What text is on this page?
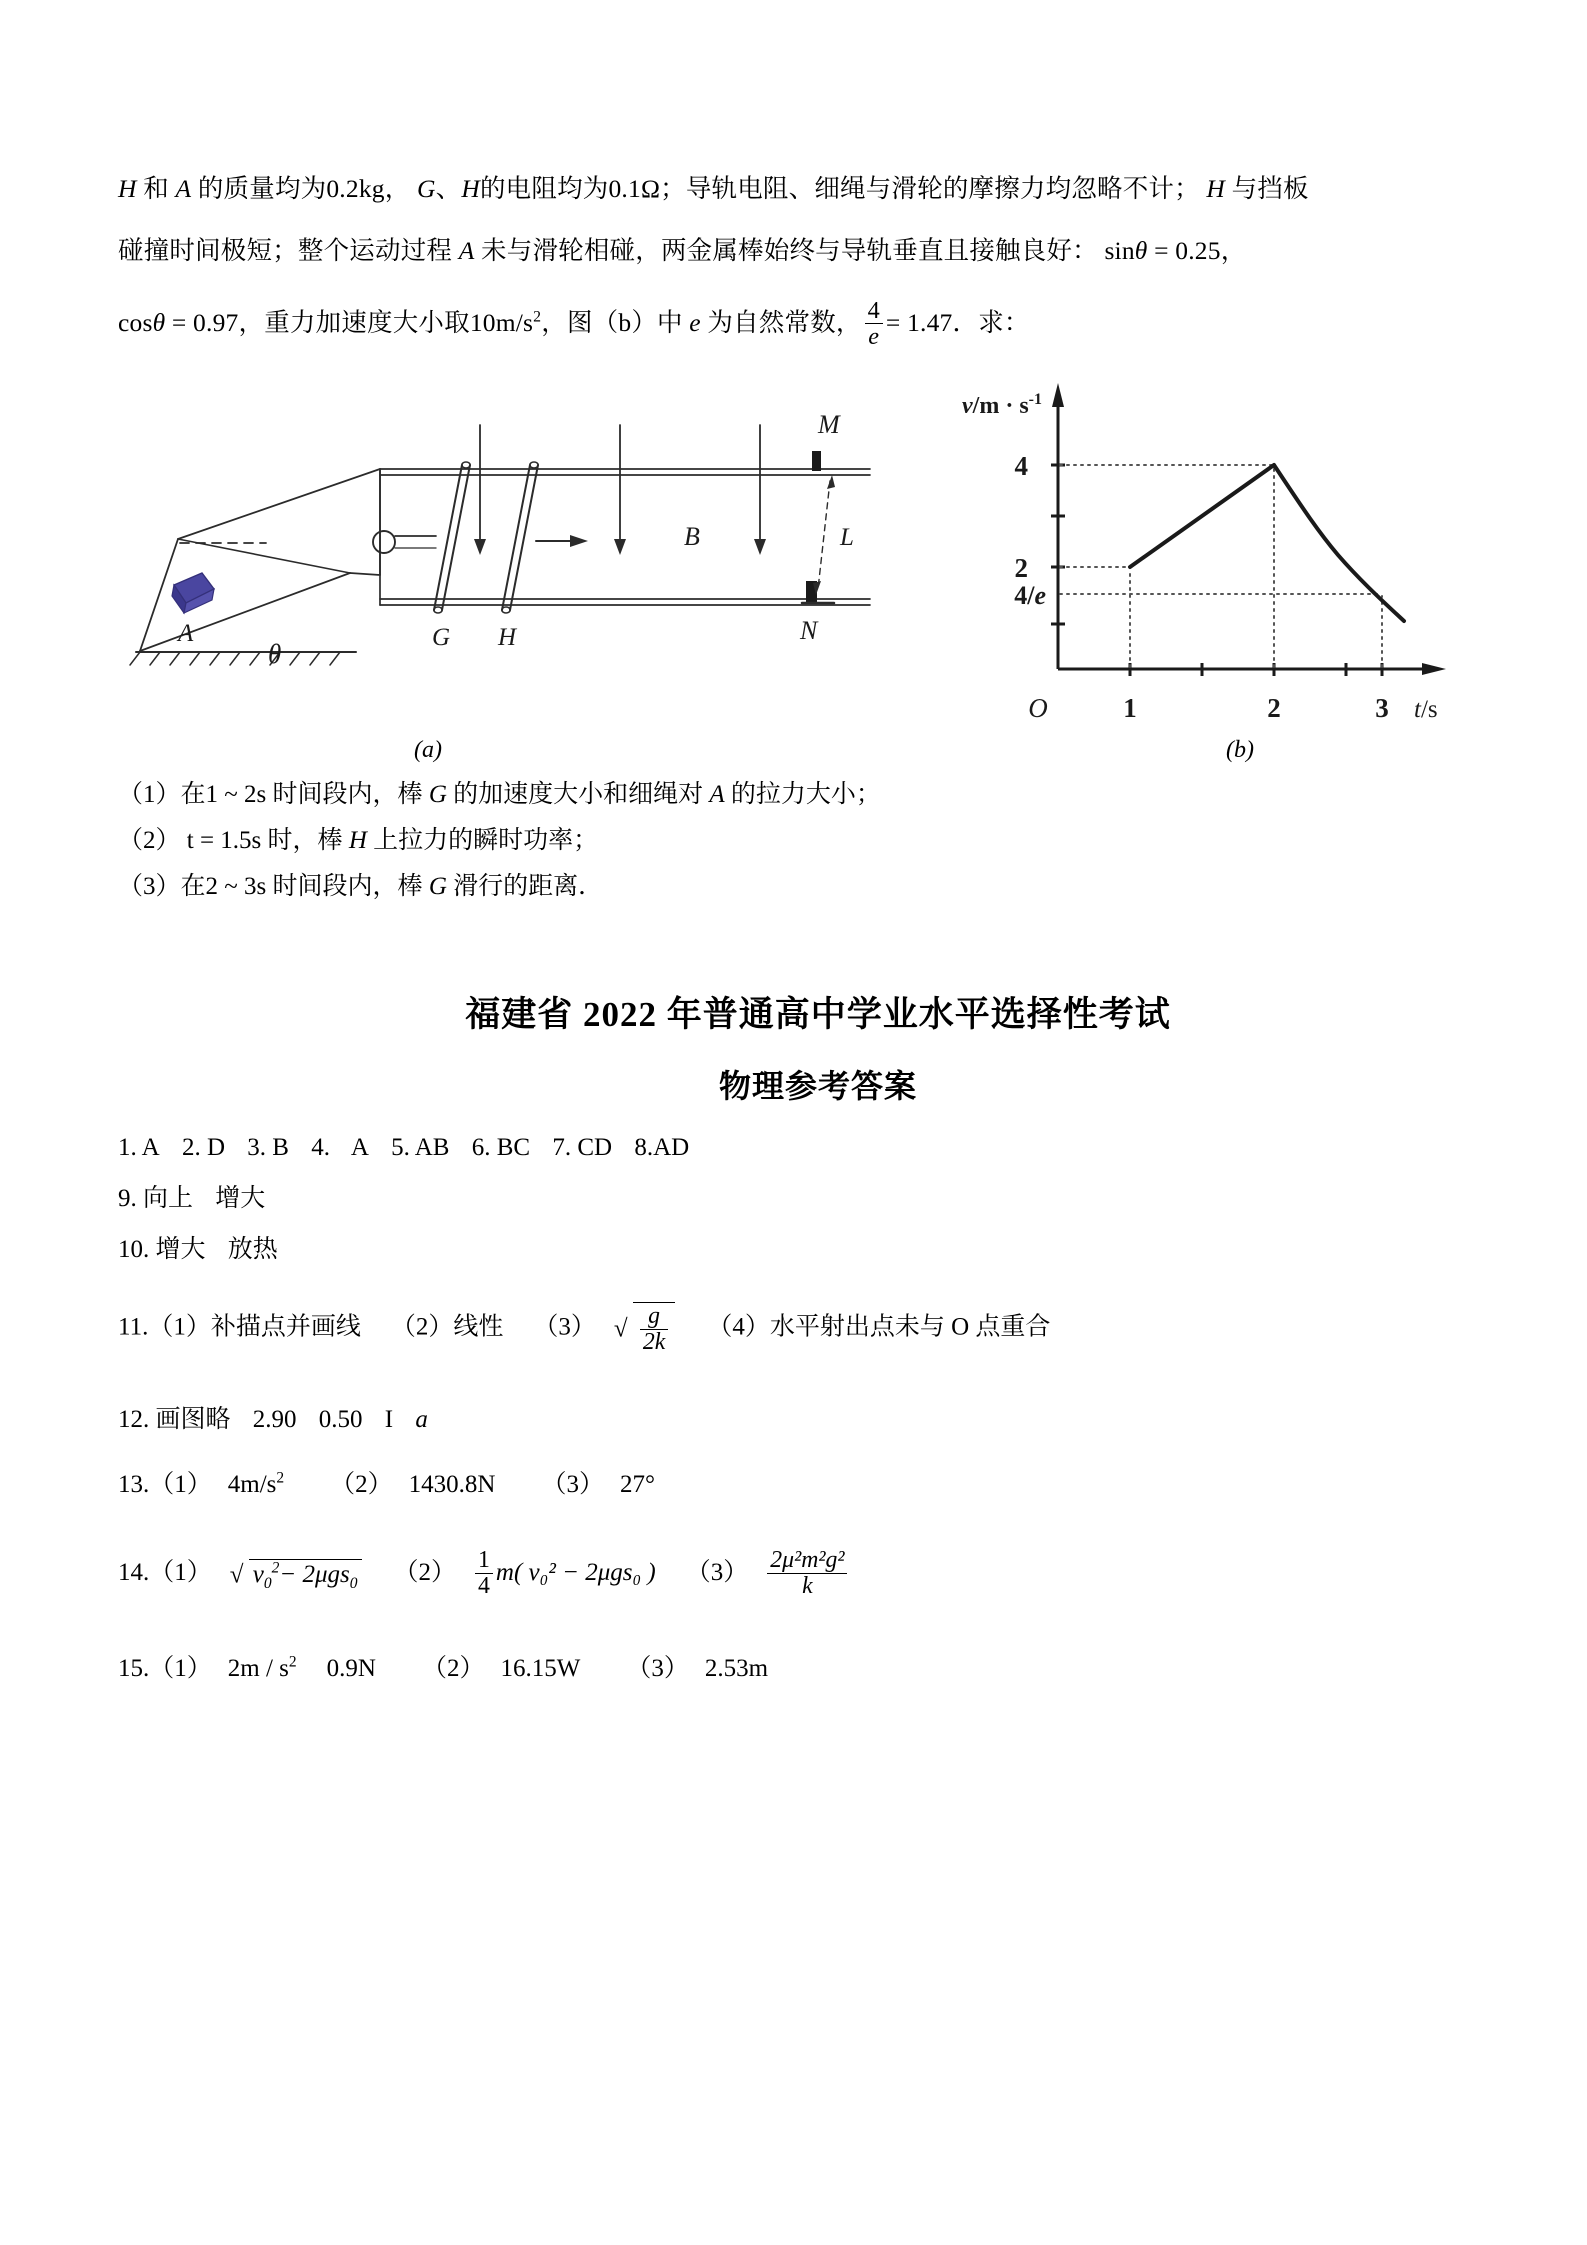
H 和 A 的质量均为0.2kg， G、H的电阻均为0.1Ω；导轨电阻、细绳与滑轮的摩擦力均忽略不计； H 与挡板
碰撞时间极短；整个运动过程 A 未与滑轮相碰，两金属棒始终与导轨垂直且接触良好： sinθ = 0.25，
cosθ = 0.97，重力加速度大小取$10m/s^2$，图（b）中 e 为自然常数， $\frac{4}{e} = 1.47$．求：
A
θ
G H
B
M
N
L
(a)
$v/m \cdot s^{-1}$
4
2
4/e
O	1	2	3 t/s
(b)
（1）在1 ~ 2s 时间段内，棒 G 的加速度大小和细绳对 A 的拉力大小；
（2） t = 1.5s 时，棒 H 上拉力的瞬时功率；
（3）在2 ~ 3s 时间段内，棒 G 滑行的距离．
福建省 2022 年普通高中学业水平选择性考试
物理参考答案
1. A 2. D 3. B 4. A 5. AB 6. BC 7. CD 8.AD
9. 向上 增大
10. 增大 放热
11.（1）补描点并画线 （2）线性 （3） √ $\frac{g}{2k} (4)$水平射出点未与 O 点重合
12. 画图略 2.90 0.50 I a
13.（1） $4m/s^2$ （2） 1430.8N （3） 27°
14.（1） √ $v_0^2- 2\mu gs_0$ $(2) \frac{1}{4} m$( v₀² − 2μgs₀ ) $(3) \frac{\text{2μ²m²g²}}{k}$
15.（1） $2m / s^2$ 0.9N （2） 16.15W （3） 2.53m
